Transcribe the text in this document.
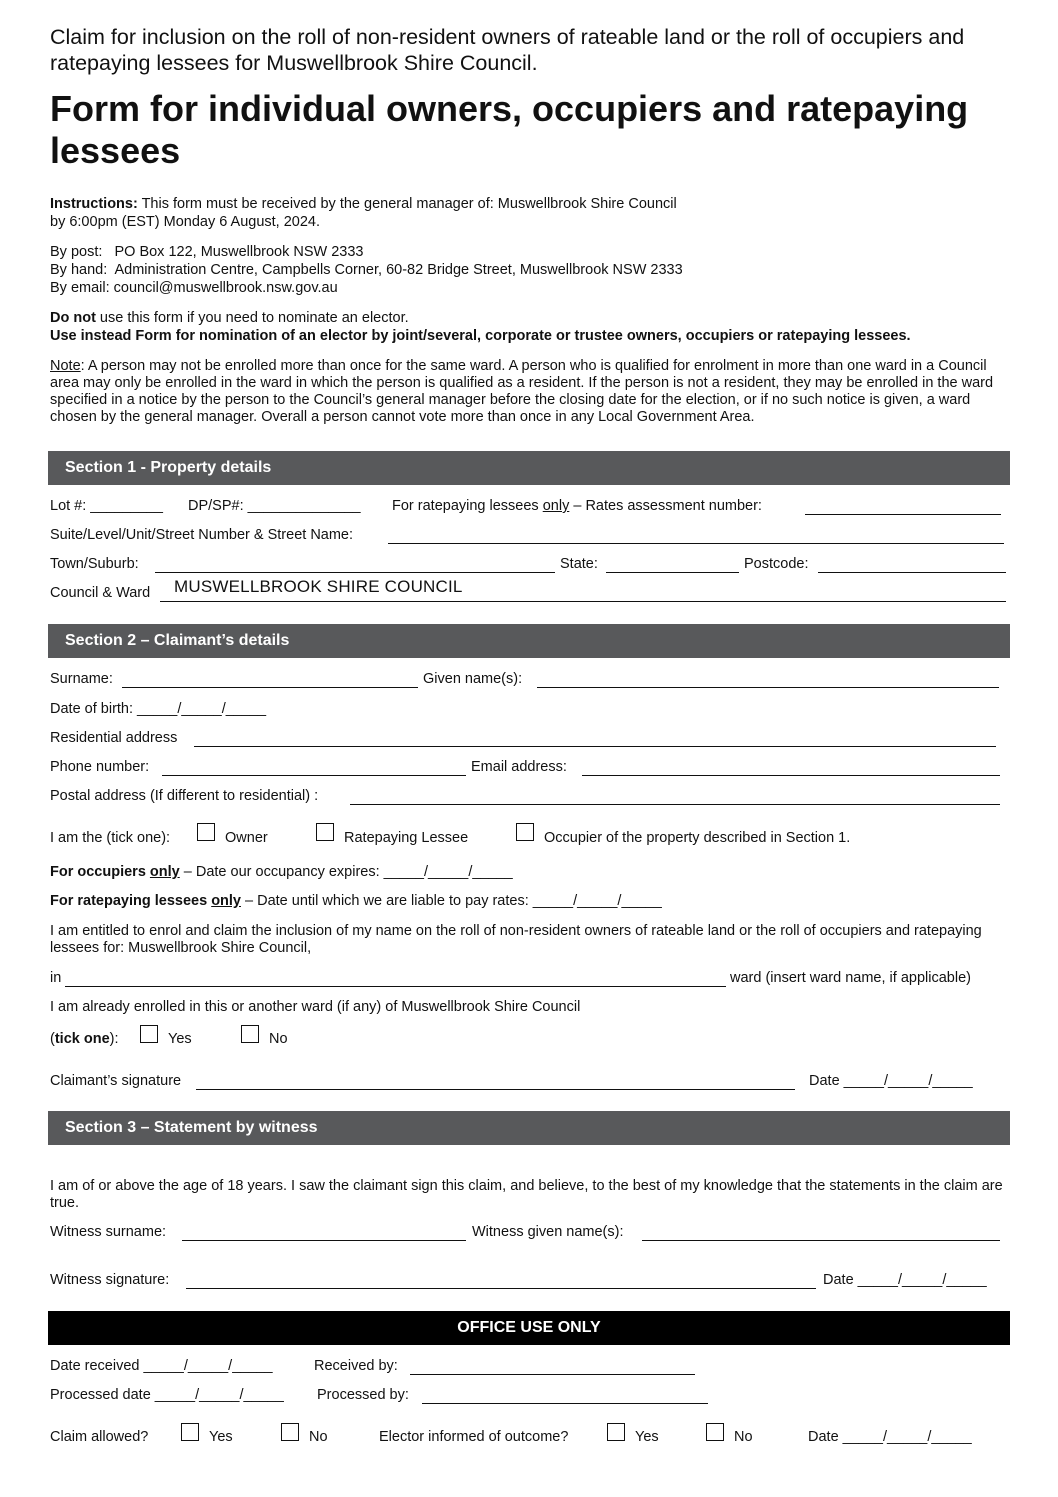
Claim for inclusion on the roll of non-resident owners of rateable land or the roll of occupiers and ratepaying lessees for Muswellbrook Shire Council.
Form for individual owners, occupiers and ratepaying lessees
Instructions: This form must be received by the general manager of: Muswellbrook Shire Council
by 6:00pm (EST) Monday 6 August, 2024.
By post:   PO Box 122, Muswellbrook NSW 2333
By hand:  Administration Centre, Campbells Corner, 60-82 Bridge Street, Muswellbrook NSW 2333
By email: council@muswellbrook.nsw.gov.au
Do not use this form if you need to nominate an elector.
Use instead Form for nomination of an elector by joint/several, corporate or trustee owners, occupiers or ratepaying lessees.
Note: A person may not be enrolled more than once for the same ward. A person who is qualified for enrolment in more than one ward in a Council area may only be enrolled in the ward in which the person is qualified as a resident. If the person is not a resident, they may be enrolled in the ward specified in a notice by the person to the Council’s general manager before the closing date for the election, or if no such notice is given, a ward chosen by the general manager. Overall a person cannot vote more than once in any Local Government Area.
Section 1 - Property details
Lot #: _________ DP/SP#: ______________ For ratepaying lessees only – Rates assessment number:
Suite/Level/Unit/Street Number & Street Name:
Town/Suburb:	State:	Postcode:
Council & Ward MUSWELLBROOK SHIRE COUNCIL
Section 2 – Claimant’s details
Surname:	Given name(s):
Date of birth: _____/_____/_____
Residential address
Phone number:	Email address:
Postal address (If different to residential) :
I am the (tick one):	Owner	Ratepaying Lessee	Occupier of the property described in Section 1.
For occupiers only – Date our occupancy expires: _____/_____/_____
For ratepaying lessees only – Date until which we are liable to pay rates: _____/_____/_____
I am entitled to enrol and claim the inclusion of my name on the roll of non-resident owners of rateable land or the roll of occupiers and ratepaying lessees for: Muswellbrook Shire Council,
in	ward (insert ward name, if applicable)
I am already enrolled in this or another ward (if any) of Muswellbrook Shire Council
(tick one):	Yes	No
Claimant’s signature	Date _____/_____/_____
Section 3 – Statement by witness
I am of or above the age of 18 years. I saw the claimant sign this claim, and believe, to the best of my knowledge that the statements in the claim are true.
Witness surname:	Witness given name(s):
Witness signature:	Date _____/_____/_____
OFFICE USE ONLY
Date received _____/_____/_____	Received by:
Processed date _____/_____/_____ Processed by:
Claim allowed?	Yes	No	Elector informed of outcome?	Yes	No	Date _____/_____/_____
